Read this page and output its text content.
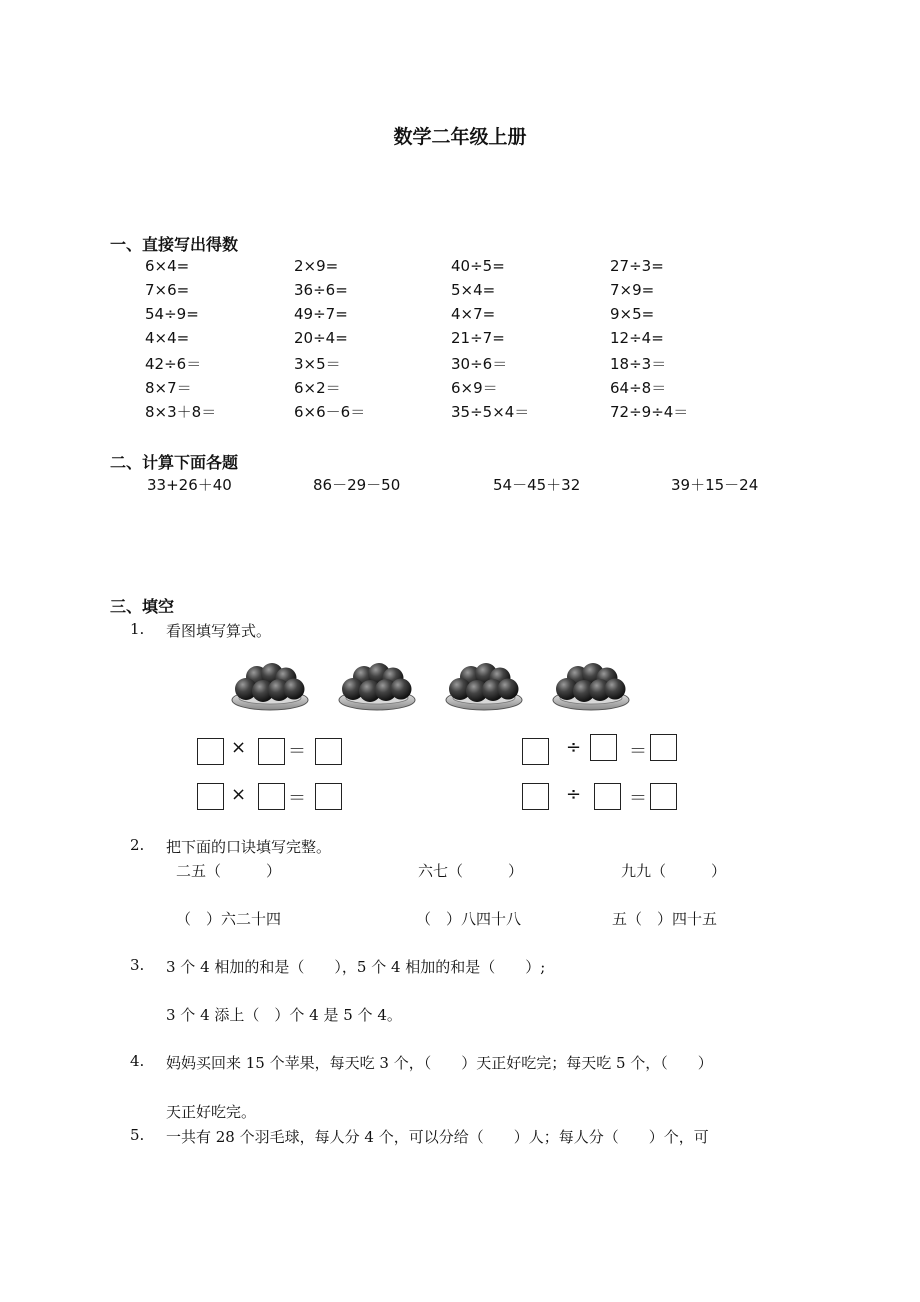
数学二年级上册
一、直接写出得数
6×4=	2×9=	40÷5=	27÷3=
7×6=	36÷6=	5×4=	7×9=
54÷9=	49÷7=	4×7=	9×5=
4×4=	20÷4=	21÷7=	12÷4=
42÷6＝	3×5＝	30÷6＝	18÷3＝
8×7＝	6×2＝	6×9＝	64÷8＝
8×3＋8＝	6×6－6＝	35÷5×4＝	72÷9÷4＝
二、计算下面各题
33+26＋40	86－29－50	54－45＋32	39＋15－24
三、填空
1. 看图填写算式。
× ＝
× ＝
÷	＝
÷	＝
2. 把下面的口诀填写完整。
二五（　　　）	六七（　　　）	九九（　　　）
（　）六二十四	（　）八四十八	五（　）四十五
3. 3 个 4 相加的和是（　　），5 个 4 相加的和是（　　）;
3 个 4 添上（　）个 4 是 5 个 4。
4. 妈妈买回来 15 个苹果，每天吃 3 个，（　　）天正好吃完；每天吃 5 个，（　　）
天正好吃完。
5. 一共有 28 个羽毛球，每人分 4 个，可以分给（　　）人；每人分（　　）个，可
